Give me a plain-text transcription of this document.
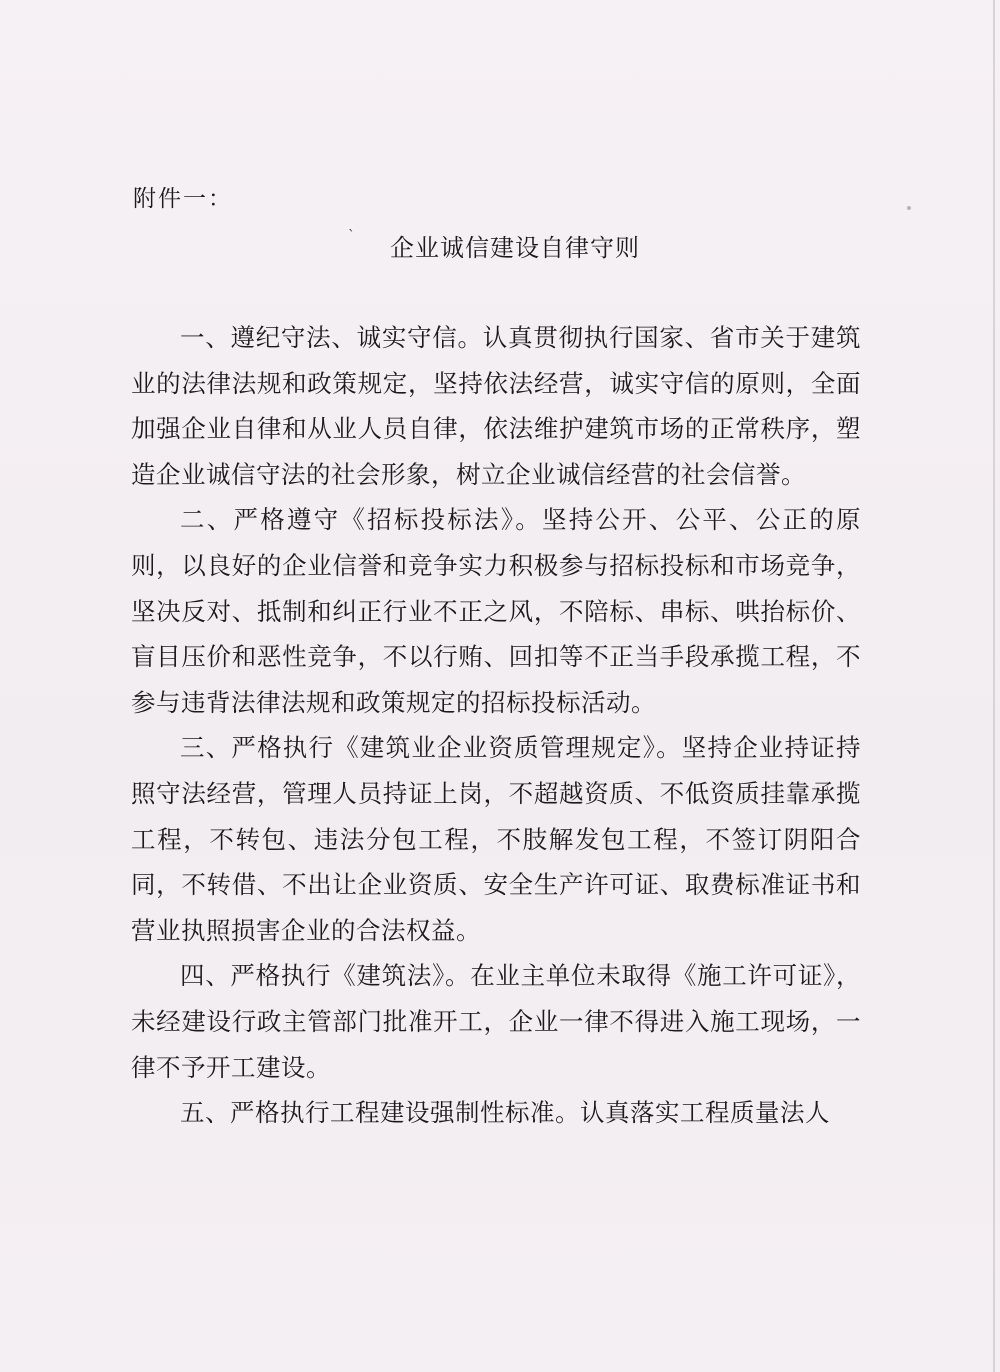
`
附件一：
企业诚信建设自律守则

一、遵纪守法、诚实守信。认真贯彻执行国家、省市关于建筑业的法律法规和政策规定，坚持依法经营，诚实守信的原则，全面加强企业自律和从业人员自律，依法维护建筑市场的正常秩序，塑造企业诚信守法的社会形象，树立企业诚信经营的社会信誉。

二、严格遵守《招标投标法》。坚持公开、公平、公正的原则，以良好的企业信誉和竞争实力积极参与招标投标和市场竞争，坚决反对、抵制和纠正行业不正之风，不陪标、串标、哄抬标价、盲目压价和恶性竞争，不以行贿、回扣等不正当手段承揽工程，不参与违背法律法规和政策规定的招标投标活动。

三、严格执行《建筑业企业资质管理规定》。坚持企业持证持照守法经营，管理人员持证上岗，不超越资质、不低资质挂靠承揽工程，不转包、违法分包工程，不肢解发包工程，不签订阴阳合同，不转借、不出让企业资质、安全生产许可证、取费标准证书和营业执照损害企业的合法权益。

四、严格执行《建筑法》。在业主单位未取得《施工许可证》，未经建设行政主管部门批准开工，企业一律不得进入施工现场，一律不予开工建设。

五、严格执行工程建设强制性标准。认真落实工程质量法人
